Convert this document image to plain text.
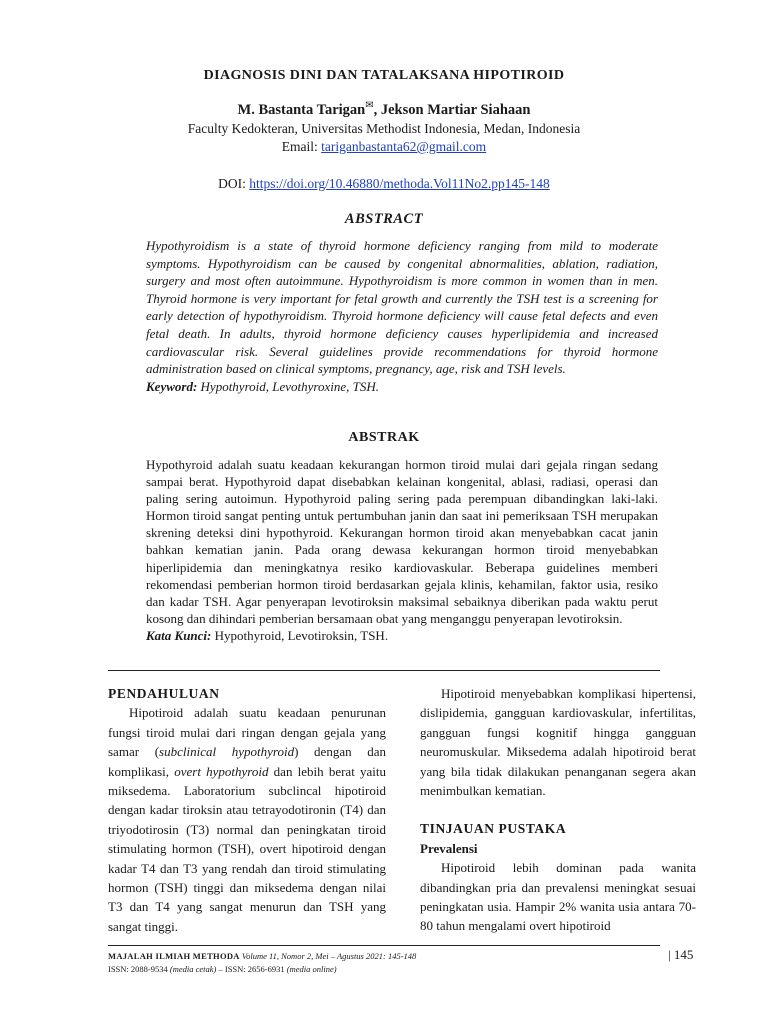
DIAGNOSIS DINI DAN TATALAKSANA HIPOTIROID
M. Bastanta Tarigan✉, Jekson Martiar Siahaan
Faculty Kedokteran, Universitas Methodist Indonesia, Medan, Indonesia
Email: tariganbastanta62@gmail.com
DOI: https://doi.org/10.46880/methoda.Vol11No2.pp145-148
ABSTRACT

Hypothyroidism is a state of thyroid hormone deficiency ranging from mild to moderate symptoms. Hypothyroidism can be caused by congenital abnormalities, ablation, radiation, surgery and most often autoimmune. Hypothyroidism is more common in women than in men. Thyroid hormone is very important for fetal growth and currently the TSH test is a screening for early detection of hypothyroidism. Thyroid hormone deficiency will cause fetal defects and even fetal death. In adults, thyroid hormone deficiency causes hyperlipidemia and increased cardiovascular risk. Several guidelines provide recommendations for thyroid hormone administration based on clinical symptoms, pregnancy, age, risk and TSH levels.

Keyword: Hypothyroid, Levothyroxine, TSH.

ABSTRAK

Hypothyroid adalah suatu keadaan kekurangan hormon tiroid mulai dari gejala ringan sedang sampai berat. Hypothyroid dapat disebabkan kelainan kongenital, ablasi, radiasi, operasi dan paling sering autoimun. Hypothyroid paling sering pada perempuan dibandingkan laki-laki. Hormon tiroid sangat penting untuk pertumbuhan janin dan saat ini pemeriksaan TSH merupakan skrening deteksi dini hypothyroid. Kekurangan hormon tiroid akan menyebabkan cacat janin bahkan kematian janin. Pada orang dewasa kekurangan hormon tiroid menyebabkan hiperlipidemia dan meningkatnya resiko kardiovaskular. Beberapa guidelines memberi rekomendasi pemberian hormon tiroid berdasarkan gejala klinis, kehamilan, faktor usia, resiko dan kadar TSH. Agar penyerapan levotiroksin maksimal sebaiknya diberikan pada waktu perut kosong dan dihindari pemberian bersamaan obat yang menganggu penyerapan levotiroksin.

Kata Kunci: Hypothyroid, Levotiroksin, TSH.

PENDAHULUAN

Hipotiroid adalah suatu keadaan penurunan fungsi tiroid mulai dari ringan dengan gejala yang samar (subclinical hypothyroid) dengan dan komplikasi, overt hypothyroid dan lebih berat yaitu miksedema. Laboratorium subclincal hipotiroid dengan kadar tiroksin atau tetrayodotironin (T4) dan triyodotirosin (T3) normal dan peningkatan tiroid stimulating hormon (TSH), overt hipotiroid dengan kadar T4 dan T3 yang rendah dan tiroid stimulating hormon (TSH) tinggi dan miksedema dengan nilai T3 dan T4 yang sangat menurun dan TSH yang sangat tinggi.

Hipotiroid menyebabkan komplikasi hipertensi, dislipidemia, gangguan kardiovaskular, infertilitas, gangguan fungsi kognitif hingga gangguan neuromuskular. Miksedema adalah hipotiroid berat yang bila tidak dilakukan penanganan segera akan menimbulkan kematian.

TINJAUAN PUSTAKA
Prevalensi

Hipotiroid lebih dominan pada wanita dibandingkan pria dan prevalensi meningkat sesuai peningkatan usia. Hampir 2% wanita usia antara 70-80 tahun mengalami overt hipotiroid

MAJALAH ILMIAH METHODA Volume 11, Nomor 2, Mei – Agustus 2021: 145-148
ISSN: 2088-9534 (media cetak) – ISSN: 2656-6931 (media online)
| 145
